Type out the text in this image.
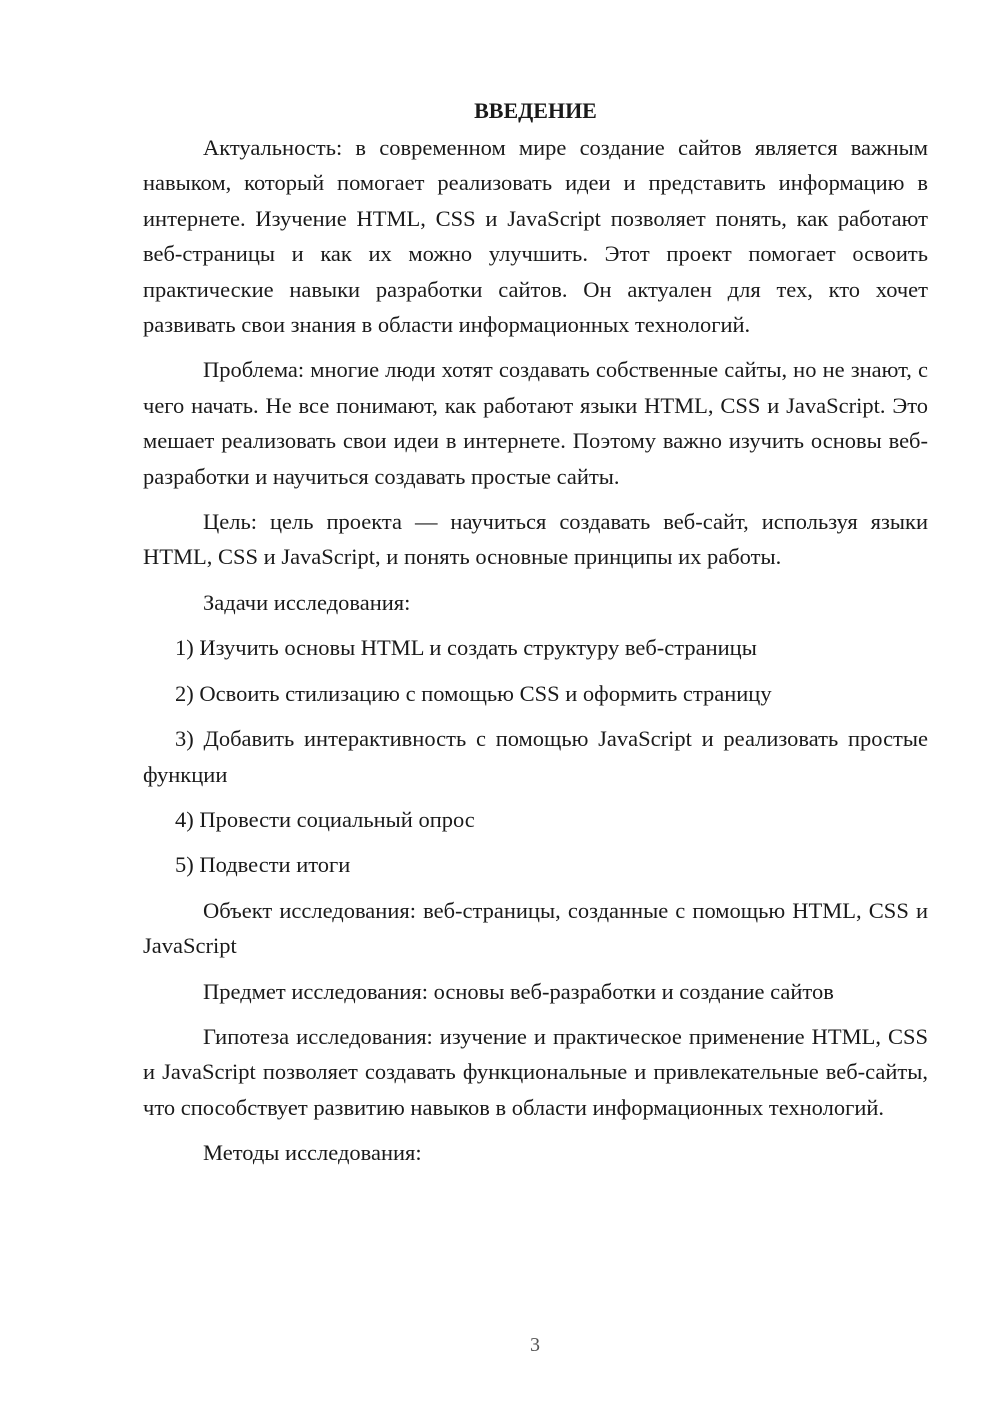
ВВЕДЕНИЕ

Актуальность: в современном мире создание сайтов является важным навыком, который помогает реализовать идеи и представить информацию в интернете. Изучение HTML, CSS и JavaScript позволяет понять, как работают веб-страницы и как их можно улучшить. Этот проект помогает освоить практические навыки разработки сайтов. Он актуален для тех, кто хочет развивать свои знания в области информационных технологий.

Проблема: многие люди хотят создавать собственные сайты, но не знают, с чего начать. Не все понимают, как работают языки HTML, CSS и JavaScript. Это мешает реализовать свои идеи в интернете. Поэтому важно изучить основы веб-разработки и научиться создавать простые сайты.

Цель: цель проекта — научиться создавать веб-сайт, используя языки HTML, CSS и JavaScript, и понять основные принципы их работы.

Задачи исследования:

1) Изучить основы HTML и создать структуру веб-страницы

2) Освоить стилизацию с помощью CSS и оформить страницу

3) Добавить интерактивность с помощью JavaScript и реализовать простые функции

4) Провести социальный опрос

5) Подвести итоги

Объект исследования: веб-страницы, созданные с помощью HTML, CSS и JavaScript

Предмет исследования: основы веб-разработки и создание сайтов

Гипотеза исследования: изучение и практическое применение HTML, CSS и JavaScript позволяет создавать функциональные и привлекательные веб-сайты, что способствует развитию навыков в области информационных технологий.

Методы исследования:

3
